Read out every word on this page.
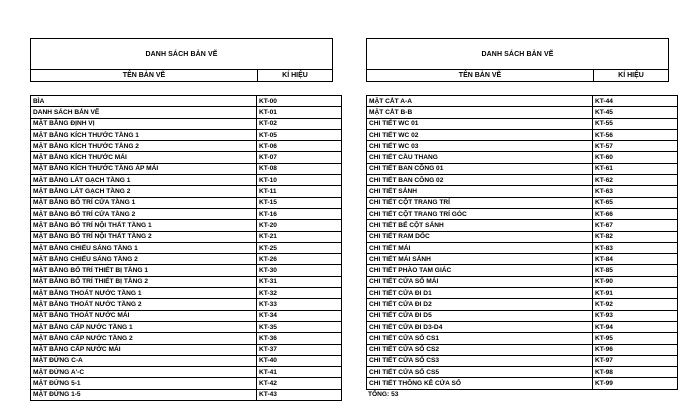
DANH SÁCH BẢN VẼ
TÊN BẢN VẼ	KÍ HIỆU
BÌA	KT-00
DANH SÁCH BẢN VẼ	KT-01
MẶT BẰNG ĐỊNH VỊ	KT-02
MẶT BẰNG KÍCH THƯỚC TẦNG 1	KT-05
MẶT BẰNG KÍCH THƯỚC TẦNG 2	KT-06
MẶT BẰNG KÍCH THƯỚC MÁI	KT-07
MẶT BẰNG KÍCH THƯỚC TẦNG ÁP MÁI	KT-08
MẶT BẰNG LÁT GẠCH TẦNG 1	KT-10
MẶT BẰNG LÁT GẠCH TẦNG 2	KT-11
MẶT BẰNG BỐ TRÍ CỬA TẦNG 1	KT-15
MẶT BẰNG BỐ TRÍ CỬA TẦNG 2	KT-16
MẶT BẰNG BỐ TRÍ NỘI THẤT TẦNG 1	KT-20
MẶT BẰNG BỐ TRÍ NỘI THẤT TẦNG 2	KT-21
MẶT BẰNG CHIẾU SÁNG TẦNG 1	KT-25
MẶT BẰNG CHIẾU SÁNG TẦNG 2	KT-26
MẶT BẰNG BỐ TRÍ THIẾT BỊ TẦNG 1	KT-30
MẶT BẰNG BỐ TRÍ THIẾT BỊ TẦNG 2	KT-31
MẶT BẰNG THOÁT NƯỚC TẦNG 1	KT-32
MẶT BẰNG THOÁT NƯỚC TẦNG 2	KT-33
MẶT BẰNG THOÁT NƯỚC MÁI	KT-34
MẶT BẰNG CẤP NƯỚC TẦNG 1	KT-35
MẶT BẰNG CẤP NƯỚC TẦNG 2	KT-36
MẶT BẰNG CẤP NƯỚC MÁI	KT-37
MẶT ĐỨNG C-A	KT-40
MẶT ĐỨNG A'-C	KT-41
MẶT ĐỨNG 5-1	KT-42
MẶT ĐỨNG 1-5	KT-43
DANH SÁCH BẢN VẼ
TÊN BẢN VẼ	KÍ HIỆU
MẶT CẮT A-A	KT-44
MẶT CẮT B-B	KT-45
CHI TIẾT WC 01	KT-55
CHI TIẾT WC 02	KT-56
CHI TIẾT WC 03	KT-57
CHI TIẾT CẦU THANG	KT-60
CHI TIẾT BAN CÔNG 01	KT-61
CHI TIẾT BAN CÔNG 02	KT-62
CHI TIẾT SẢNH	KT-63
CHI TIẾT CỘT TRANG TRÍ	KT-65
CHI TIẾT CỘT TRANG TRÍ GÓC	KT-66
CHI TIẾT BỂ CỘT SẢNH	KT-67
CHI TIẾT RAM DỐC	KT-82
CHI TIẾT MÁI	KT-83
CHI TIẾT MÁI SẢNH	KT-84
CHI TIẾT PHÀO TAM GIÁC	KT-85
CHI TIẾT CỬA SỔ MÁI	KT-90
CHI TIẾT CỬA ĐI D1	KT-91
CHI TIẾT CỬA ĐI D2	KT-92
CHI TIẾT CỬA ĐI D5	KT-93
CHI TIẾT CỬA ĐI D3-D4	KT-94
CHI TIẾT CỬA SỔ CS1	KT-95
CHI TIẾT CỬA SỔ CS2	KT-96
CHI TIẾT CỬA SỔ CS3	KT-97
CHI TIẾT CỬA SỔ CS5	KT-98
CHI TIẾT THÔNG KÊ CỬA SỔ	KT-99
TỔNG: 53
